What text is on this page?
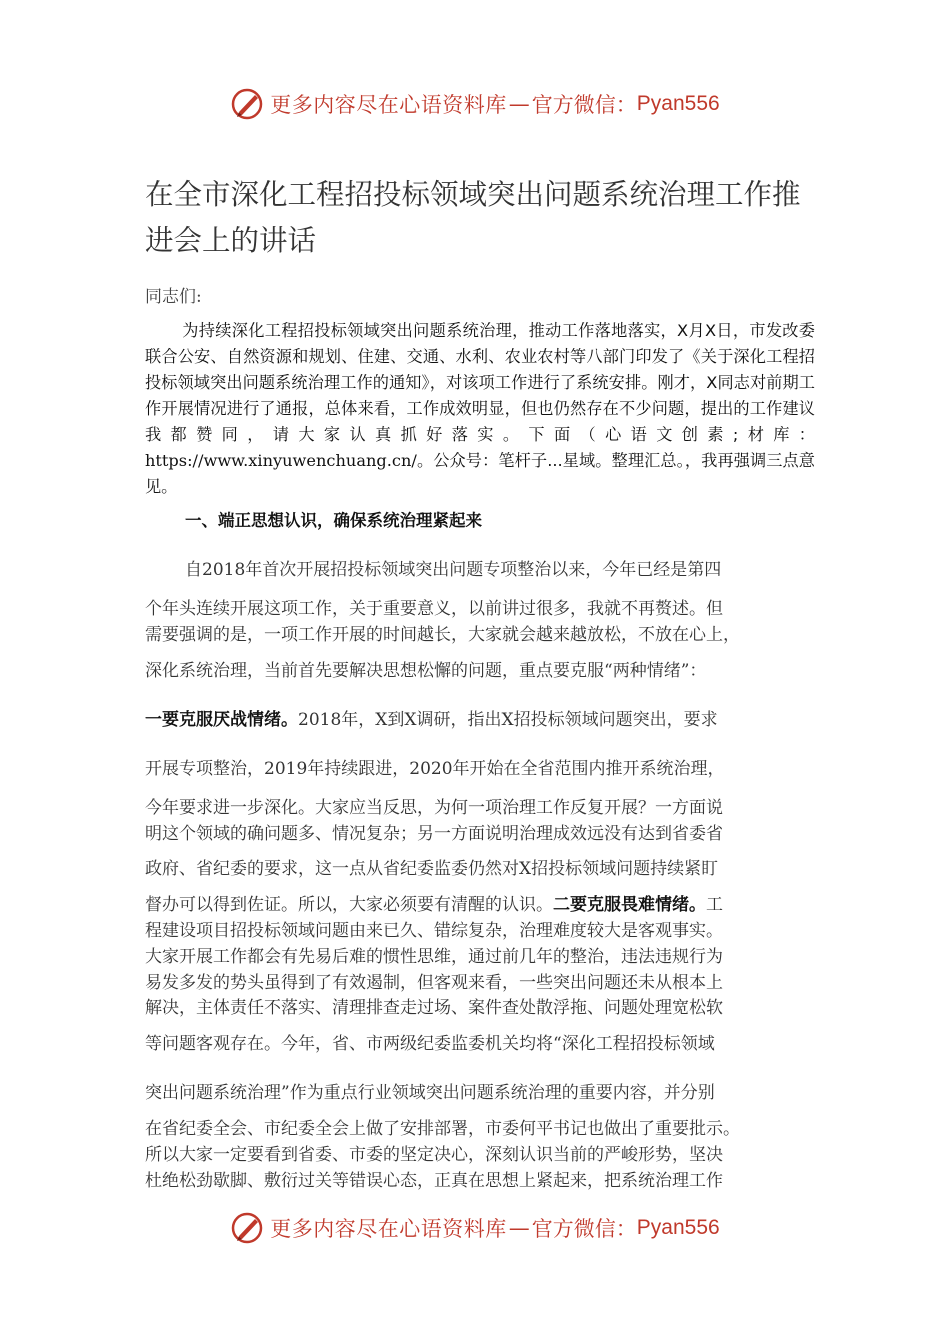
更多内容尽在心语资料库 — 官方微信： Pyan556
在全市深化工程招投标领域突出问题系统治理工作推进会上的讲话
同志们:

为持续深化工程招投标领域突出问题系统治理，推动工作落地落实，X月X日，市发改委联合公安、自然资源和规划、住建、交通、水利、农业农村等八部门印发了《关于深化工程招投标领域突出问题系统治理工作的通知》，对该项工作进行了系统安排。刚才，X同志对前期工作开展情况进行了通报，总体来看，工作成效明显，但也仍然存在不少问题，提出的工作建议我都赞同，请大家认真抓好落实。下面（心语文创素;材库：https://www.xinyuwenchuang.cn/。公众号：笔杆子...星域。整理汇总。，我再强调三点意见。

一、端正思想认识，确保系统治理紧起来
自2018年首次开展招投标领域突出问题专项整治以来，今年已经是第四
个年头连续开展这项工作，关于重要意义，以前讲过很多，我就不再赘述。但
需要强调的是，一项工作开展的时间越长，大家就会越来越放松，不放在心上，
深化系统治理，当前首先要解决思想松懈的问题，重点要克服“两种情绪”：
一要克服厌战情绪。2018年，X到X调研，指出X招投标领域问题突出，要求
开展专项整治，2019年持续跟进，2020年开始在全省范围内推开系统治理，
今年要求进一步深化。大家应当反思，为何一项治理工作反复开展？一方面说
明这个领域的确问题多、情况复杂；另一方面说明治理成效远没有达到省委省
政府、省纪委的要求，这一点从省纪委监委仍然对X招投标领域问题持续紧盯
督办可以得到佐证。所以，大家必须要有清醒的认识。二要克服畏难情绪。工
程建设项目招投标领域问题由来已久、错综复杂，治理难度较大是客观事实。
大家开展工作都会有先易后难的惯性思维，通过前几年的整治，违法违规行为
易发多发的势头虽得到了有效遏制，但客观来看，一些突出问题还未从根本上
解决，主体责任不落实、清理排查走过场、案件查处散浮拖、问题处理宽松软
等问题客观存在。今年，省、市两级纪委监委机关均将“深化工程招投标领域
突出问题系统治理”作为重点行业领域突出问题系统治理的重要内容，并分别
在省纪委全会、市纪委全会上做了安排部署，市委何平书记也做出了重要批示。
所以大家一定要看到省委、市委的坚定决心，深刻认识当前的严峻形势，坚决
杜绝松劲歇脚、敷衍过关等错误心态，正真在思想上紧起来，把系统治理工作
更多内容尽在心语资料库 — 官方微信： Pyan556
